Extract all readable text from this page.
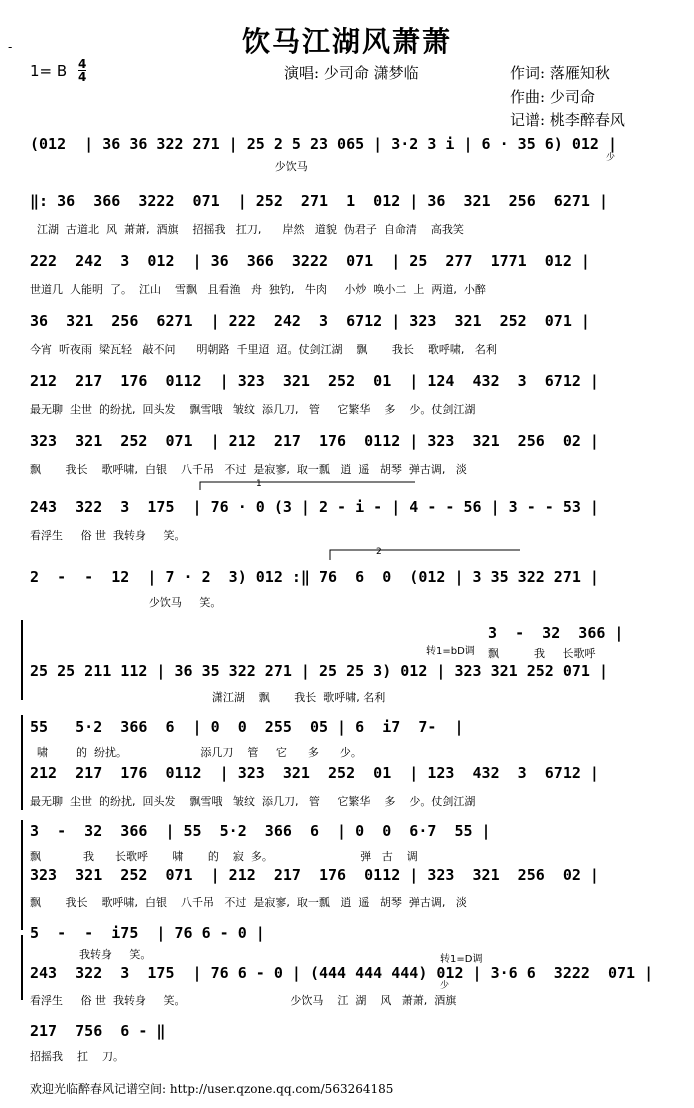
饮马江湖风萧萧
-
1= B 4
4	演唱: 少司命 潇梦临	作词: 落雁知秋
作曲: 少司命
记谱: 桃李醉春风
1
2
转1=bD调
转1=D调
少
少
(012  | 36 36 322 271 | 25 2 5 23 065 | 3·2 3 i | 6 · 35 6) 012 |
少饮马
‖: 36  366  3222  071  | 252  271  1  012 | 36  321  256  6271 |
江湖  古道北  风  萧萧,  酒旗    招摇我   扛刀,      岸然   道貌  伪君子  自命清    高我笑
222  242  3  012  | 36  366  3222  071  | 25  277  1771  012 |
世道几  人能明  了。  江山    雪飘   且看渔   舟  独钓,   牛肉     小炒  唤小二  上  两道,  小醉
36  321  256  6271  | 222  242  3  6712 | 323  321  252  071 |
今宵  听夜雨  梁瓦轻   敲不问      明朝路  千里迢  迢。仗剑江湖    飘       我长    歌呼啸,   名利
212  217  176  0112  | 323  321  252  01  | 124  432  3  6712 |
最无聊  尘世  的纷扰,  回头发    飘雪哦   皱纹  添几刀,   管     它繁华    多    少。仗剑江湖
323  321  252  071  | 212  217  176  0112 | 323  321  256  02 |
飘       我长    歌呼啸,  白银    八千吊   不过  是寂寥,  取一瓢   逍  遥   胡琴  弹古调,   淡
243  322  3  175  | 76 · 0 (3 | 2 - i - | 4 - - 56 | 3 - - 53 |
看浮生     俗 世  我转身     笑。
2  -  -  12  | 7 · 2  3) 012 :‖ 76  6  0  (012 | 3 35 322 271 |
少饮马     笑。
3  -  32  366 |
飘          我     长歌呼
25 25 211 112 | 36 35 322 271 | 25 25 3) 012 | 323 321 252 071 |
潇江湖    飘       我长  歌呼啸, 名利
55   5·2  366  6  | 0  0  255  05 | 6  i7  7-  |
啸        的  纷扰。                     添几刀    管     它      多      少。
212  217  176  0112  | 323  321  252  01  | 123  432  3  6712 |
最无聊  尘世  的纷扰,  回头发    飘雪哦   皱纹  添几刀,   管     它繁华    多    少。仗剑江湖
3  -  32  366  | 55  5·2  366  6  | 0  0  6·7  55 |
飘            我      长歌呼       啸       的    寂  多。                         弹   古    调
323  321  252  071  | 212  217  176  0112 | 323  321  256  02 |
飘       我长    歌呼啸,  白银    八千吊   不过  是寂寥,  取一瓢   逍  遥   胡琴  弹古调,   淡
5  -  -  i75  | 76 6 - 0 |
我转身     笑。
243  322  3  175  | 76 6 - 0 | (444 444 444) 012 | 3·6 6  3222  071 |
看浮生     俗 世  我转身     笑。                              少饮马    江  湖    风   萧萧,  酒旗
217  756  6 - ‖
招摇我    扛    刀。
欢迎光临醉春风记谱空间: http://user.qzone.qq.com/563264185
